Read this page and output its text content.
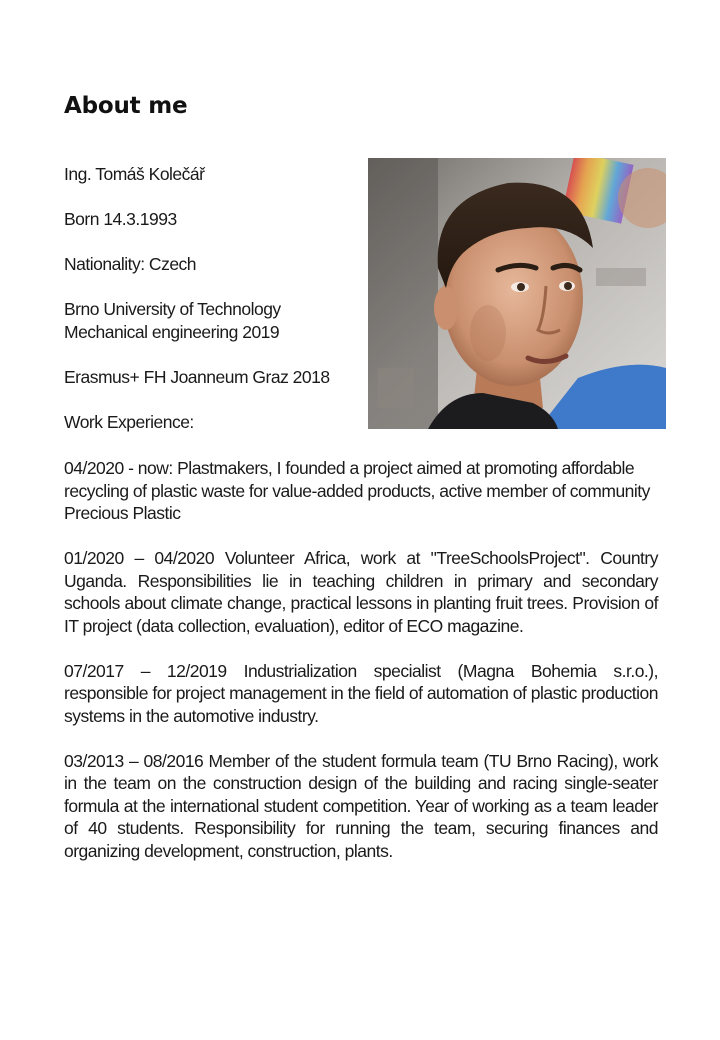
About me

Ing. Tomáš Kolečář

Born 14.3.1993

Nationality: Czech

Brno University of Technology
Mechanical engineering 2019

Erasmus+ FH Joanneum Graz 2018

Work Experience:

04/2020 - now: Plastmakers, I founded a project aimed at promoting affordable recycling of plastic waste for value-added products, active member of community Precious Plastic

01/2020 – 04/2020 Volunteer Africa, work at "TreeSchoolsProject". Country Uganda. Responsibilities lie in teaching children in primary and secondary schools about climate change, practical lessons in planting fruit trees. Provision of IT project (data collection, evaluation), editor of ECO magazine.

07/2017 – 12/2019 Industrialization specialist (Magna Bohemia s.r.o.), responsible for project management in the field of automation of plastic production systems in the automotive industry.

03/2013 – 08/2016 Member of the student formula team (TU Brno Racing), work in the team on the construction design of the building and racing single-seater formula at the international student competition. Year of working as a team leader of 40 students. Responsibility for running the team, securing finances and organizing development, construction, plants.
